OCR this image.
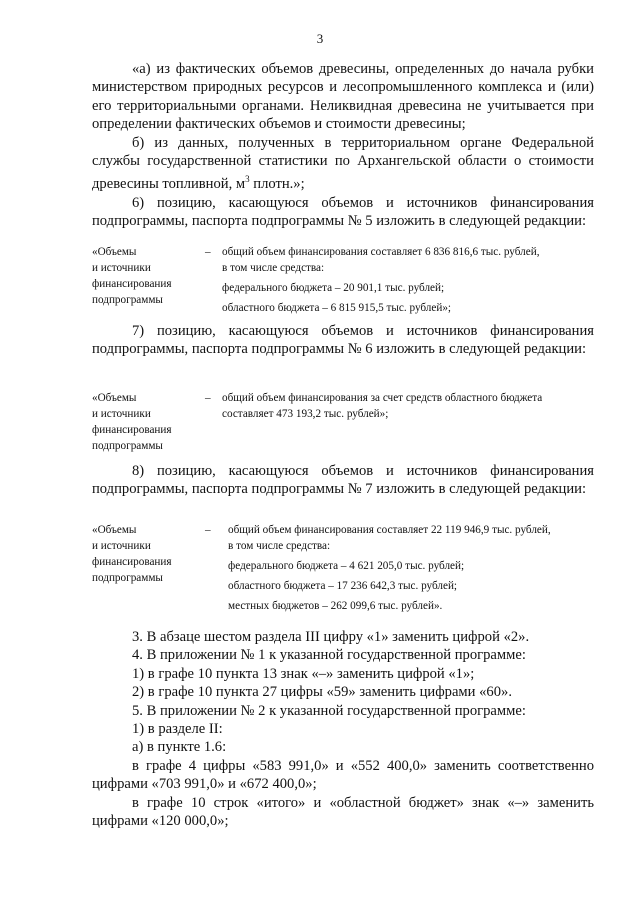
3

«а) из фактических объемов древесины, определенных до начала рубки министерством природных ресурсов и лесопромышленного комплекса и (или) его территориальными органами. Неликвидная древесина не учитывается при определении фактических объемов и стоимости древесины;

б) из данных, полученных в территориальном органе Федеральной службы государственной статистики по Архангельской области о стоимости древесины топливной, $м^3$ плотн.»;

6) позицию, касающуюся объемов и источников финансирования подпрограммы, паспорта подпрограммы № 5 изложить в следующей редакции:

«Объемы
и источники
финансирования
подпрограммы
– общий объем финансирования составляет 6 836 816,6 тыс. рублей,
в том числе средства:
федерального бюджета – 20 901,1 тыс. рублей;
областного бюджета – 6 815 915,5 тыс. рублей»;

7) позицию, касающуюся объемов и источников финансирования подпрограммы, паспорта подпрограммы № 6 изложить в следующей редакции:

«Объемы
и источники
финансирования
подпрограммы
– общий объем финансирования за счет средств областного бюджета
составляет 473 193,2 тыс. рублей»;

8) позицию, касающуюся объемов и источников финансирования подпрограммы, паспорта подпрограммы № 7 изложить в следующей редакции:

«Объемы
и источники
финансирования
подпрограммы
– общий объем финансирования составляет 22 119 946,9 тыс. рублей,
в том числе средства:
федерального бюджета – 4 621 205,0 тыс. рублей;
областного бюджета – 17 236 642,3 тыс. рублей;
местных бюджетов – 262 099,6 тыс. рублей».
3. В абзаце шестом раздела III цифру «1» заменить цифрой «2».
4. В приложении № 1 к указанной государственной программе:
1) в графе 10 пункта 13 знак «–» заменить цифрой «1»;
2) в графе 10 пункта 27 цифры «59» заменить цифрами «60».
5. В приложении № 2 к указанной государственной программе:
1) в разделе II:
а) в пункте 1.6:
в графе 4 цифры «583 991,0» и «552 400,0» заменить соответственно цифрами «703 991,0» и «672 400,0»;
в графе 10 строк «итого» и «областной бюджет» знак «–» заменить цифрами «120 000,0»;
